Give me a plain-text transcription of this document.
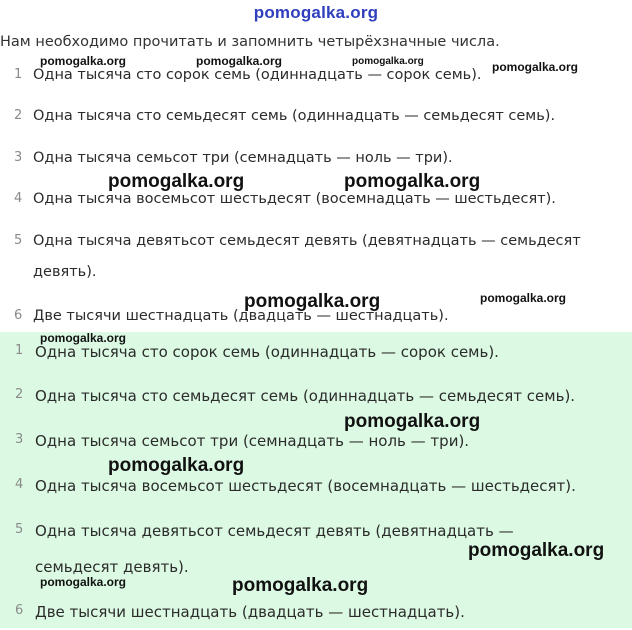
pomogalka.org
Нам необходимо прочитать и запомнить четырёхзначные числа.
1 Одна тысяча сто сорок семь (одиннадцать — сорок семь).
2 Одна тысяча сто семьдесят семь (одиннадцать — семьдесят семь).
3 Одна тысяча семьсот три (семнадцать — ноль — три).
4 Одна тысяча восемьсот шестьдесят (восемнадцать — шестьдесят).
5 Одна тысяча девятьсот семьдесят девять (девятнадцать — семьдесят девять).
6 Две тысячи шестнадцать (двадцать — шестнадцать).
1 Одна тысяча сто сорок семь (одиннадцать — сорок семь).
2 Одна тысяча сто семьдесят семь (одиннадцать — семьдесят семь).
3 Одна тысяча семьсот три (семнадцать — ноль — три).
4 Одна тысяча восемьсот шестьдесят (восемнадцать — шестьдесят).
5 Одна тысяча девятьсот семьдесят девять (девятнадцать — семьдесят девять).
6 Две тысячи шестнадцать (двадцать — шестнадцать).
pomogalka.org	pomogalka.org	pomogalka.org	pomogalka.org
pomogalka.org	pomogalka.org
pomogalka.org	pomogalka.org
pomogalka.org
pomogalka.org
pomogalka.org
pomogalka.org
pomogalka.org	pomogalka.org
